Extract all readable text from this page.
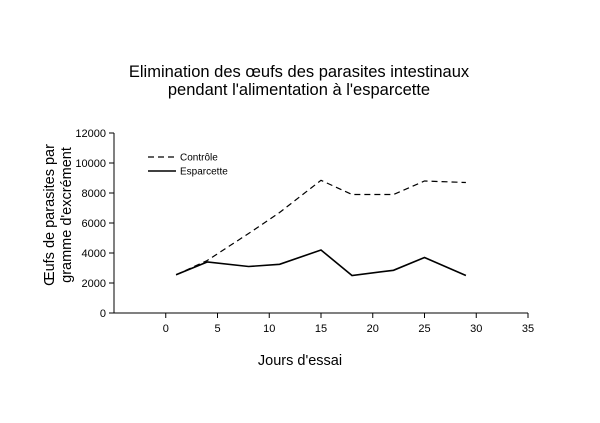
Elimination des œufs des parasites intestinaux
pendant l'alimentation à l'esparcette
Œufs de parasites par gramme d'excrément
Jours d'essai
0
2000
4000
6000
8000
10000
12000
0	5	10	15	20	25	30	35
Contrôle
Esparcette
